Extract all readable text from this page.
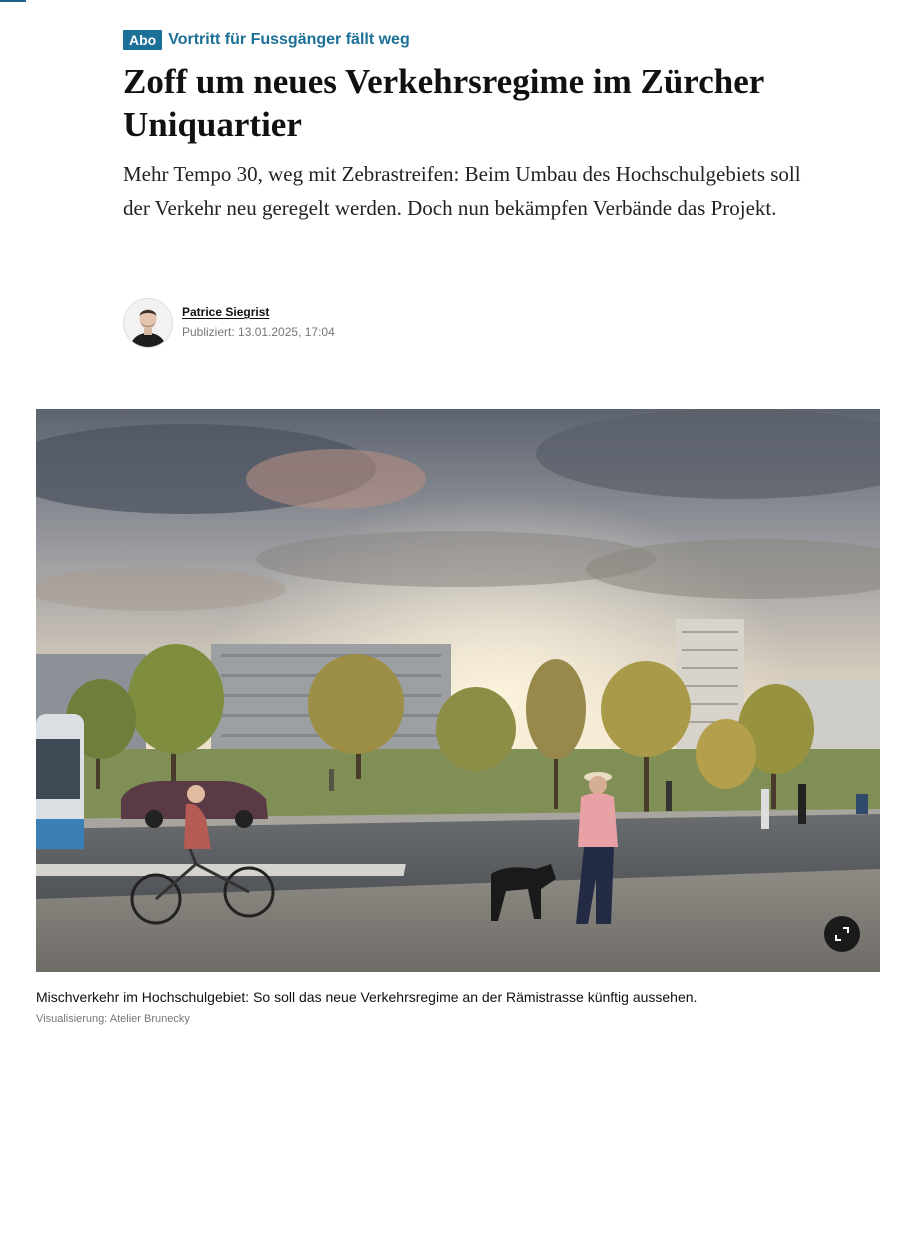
Abo Vortritt für Fussgänger fällt weg
Zoff um neues Verkehrsregime im Zürcher Uniquartier

Mehr Tempo 30, weg mit Zebrastreifen: Beim Umbau des Hochschulgebiets soll der Verkehr neu geregelt werden. Doch nun bekämpfen Verbände das Projekt.

Patrice Siegrist
Publiziert: 13.01.2025, 17:04
Mischverkehr im Hochschulgebiet: So soll das neue Verkehrsregime an der Rämistrasse künftig aussehen.
Visualisierung: Atelier Brunecky
